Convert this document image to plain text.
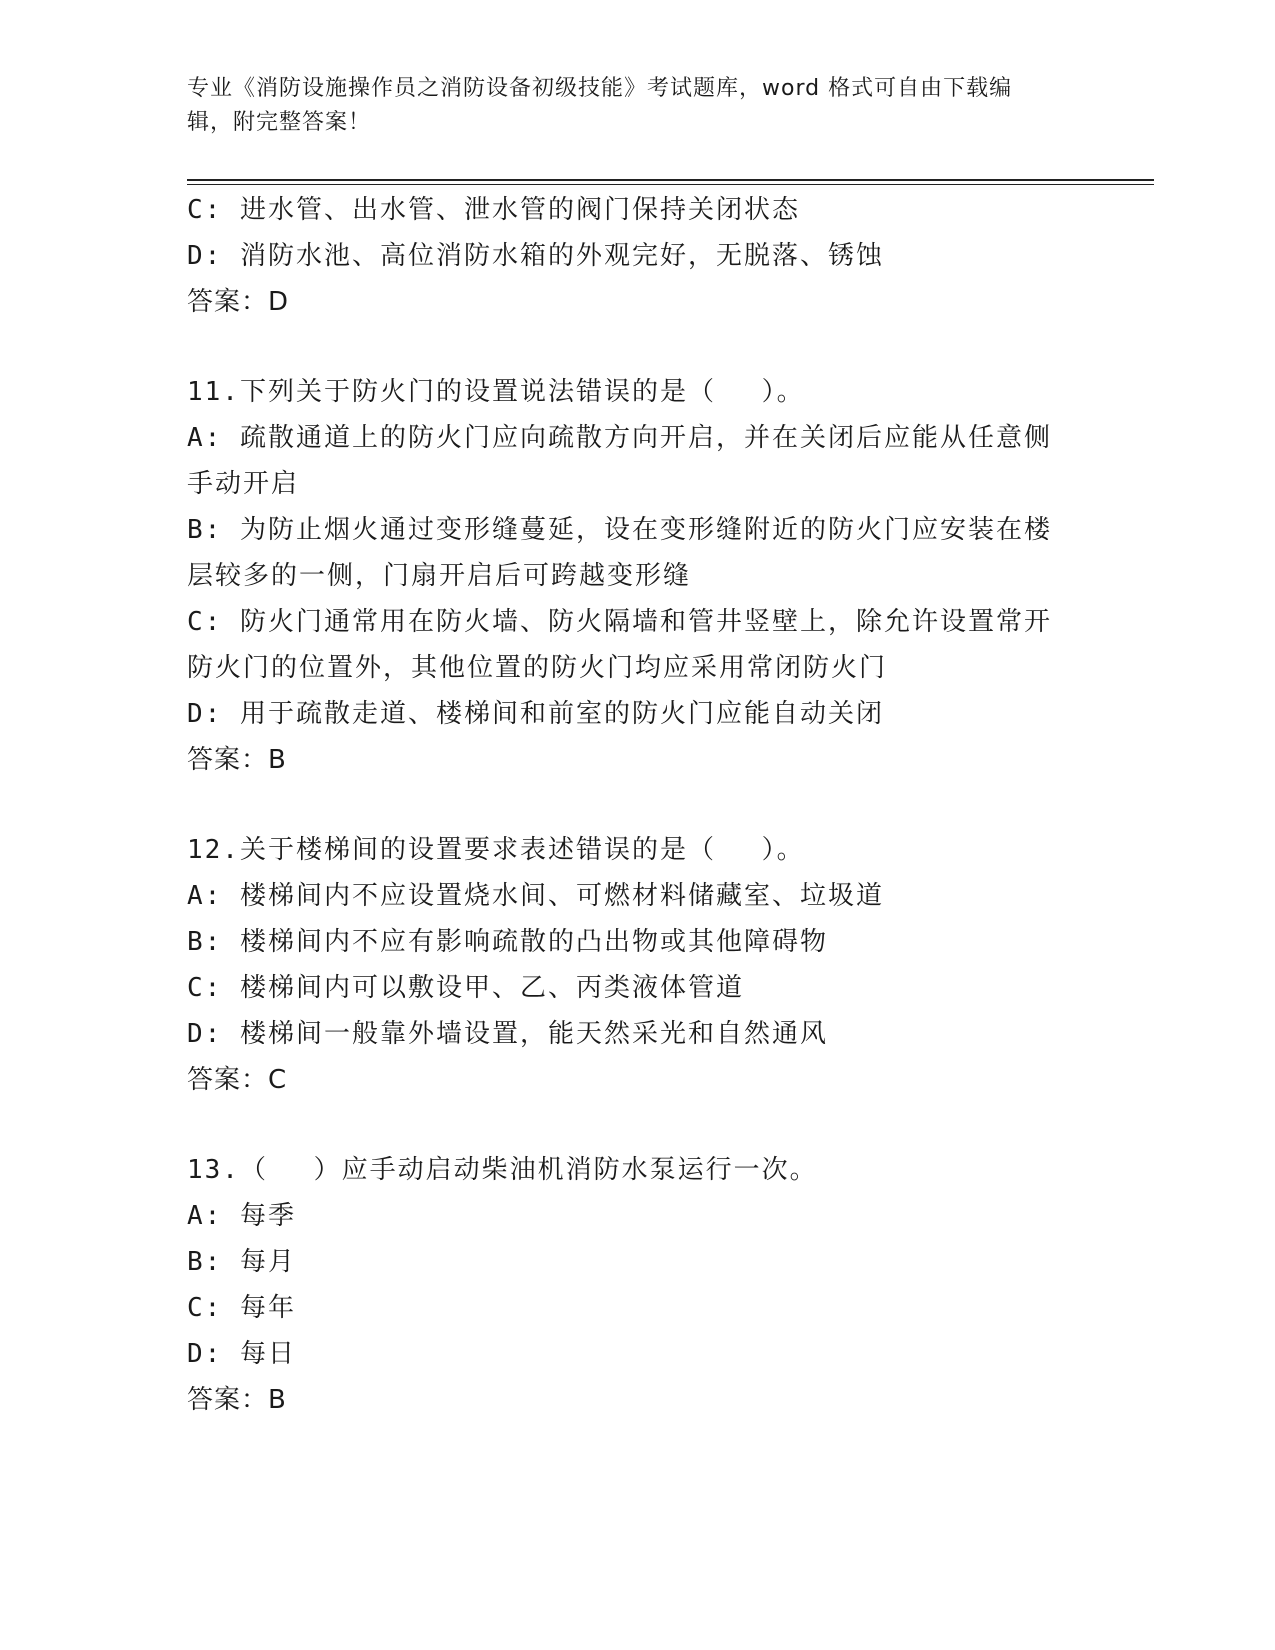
专业《消防设施操作员之消防设备初级技能》考试题库，word 格式可自由下载编
辑，附完整答案！
C: 进水管、出水管、泄水管的阀门保持关闭状态
D: 消防水池、高位消防水箱的外观完好，无脱落、锈蚀
答案：D
11.下列关于防火门的设置说法错误的是（　 ）。
A: 疏散通道上的防火门应向疏散方向开启，并在关闭后应能从任意侧
手动开启
B: 为防止烟火通过变形缝蔓延，设在变形缝附近的防火门应安装在楼
层较多的一侧，门扇开启后可跨越变形缝
C: 防火门通常用在防火墙、防火隔墙和管井竖壁上，除允许设置常开
防火门的位置外，其他位置的防火门均应采用常闭防火门
D: 用于疏散走道、楼梯间和前室的防火门应能自动关闭
答案：B
12.关于楼梯间的设置要求表述错误的是（　 ）。
A: 楼梯间内不应设置烧水间、可燃材料储藏室、垃圾道
B: 楼梯间内不应有影响疏散的凸出物或其他障碍物
C: 楼梯间内可以敷设甲、乙、丙类液体管道
D: 楼梯间一般靠外墙设置，能天然采光和自然通风
答案：C
13.（　 ）应手动启动柴油机消防水泵运行一次。
A: 每季
B: 每月
C: 每年
D: 每日
答案：B
